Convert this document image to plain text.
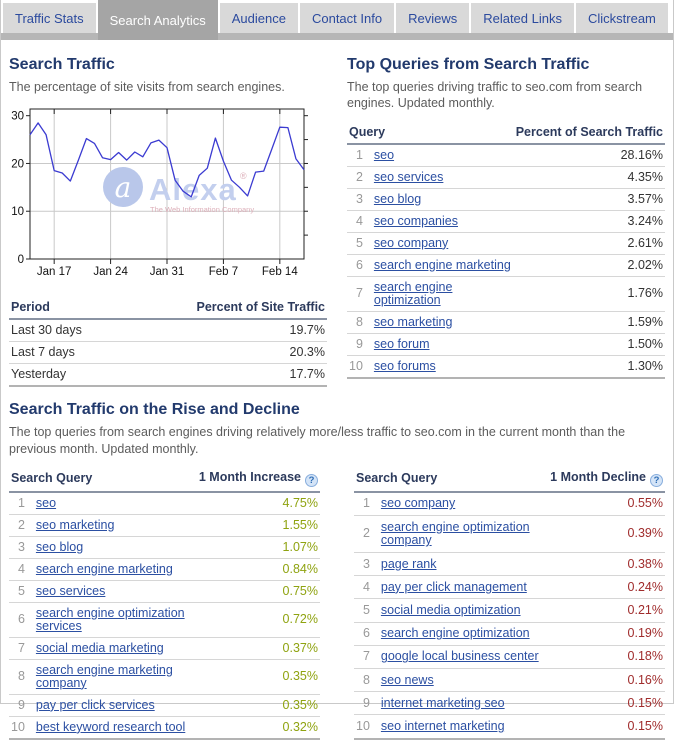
Traffic Stats	Search Analytics	Audience	Contact Info	Reviews	Related Links	Clickstream
Search Traffic

The percentage of site visits from search engines.

a Alexa ®
The Web Information Company
0
10
20
30
Jan 17 Jan 24 Jan 31 Feb 7 Feb 14
Period	Percent of Site Traffic
Last 30 days	19.7%
Last 7 days	20.3%
Yesterday	17.7%
Top Queries from Search Traffic

The top queries driving traffic to seo.com from search engines. Updated monthly.

Query		Percent of Search Traffic
1	seo	28.16%
2	seo services	4.35%
3	seo blog	3.57%
4	seo companies	3.24%
5	seo company	2.61%
6	search engine marketing	2.02%
7	search engine optimization	1.76%
8	seo marketing	1.59%
9	seo forum	1.50%
10	seo forums	1.30%
Search Traffic on the Rise and Decline

The top queries from search engines driving relatively more/less traffic to seo.com in the current month than the previous month. Updated monthly.

Search Query		1 Month Increase ?
1	seo	4.75%
2	seo marketing	1.55%
3	seo blog	1.07%
4	search engine marketing	0.84%
5	seo services	0.75%
6	search engine optimization services	0.72%
7	social media marketing	0.37%
8	search engine marketing company	0.35%
9	pay per click services	0.35%
10	best keyword research tool	0.32%
Search Query		1 Month Decline ?
1	seo company	0.55%
2	search engine optimization company	0.39%
3	page rank	0.38%
4	pay per click management	0.24%
5	social media optimization	0.21%
6	search engine optimization	0.19%
7	google local business center	0.18%
8	seo news	0.16%
9	internet marketing seo	0.15%
10	seo internet marketing	0.15%
